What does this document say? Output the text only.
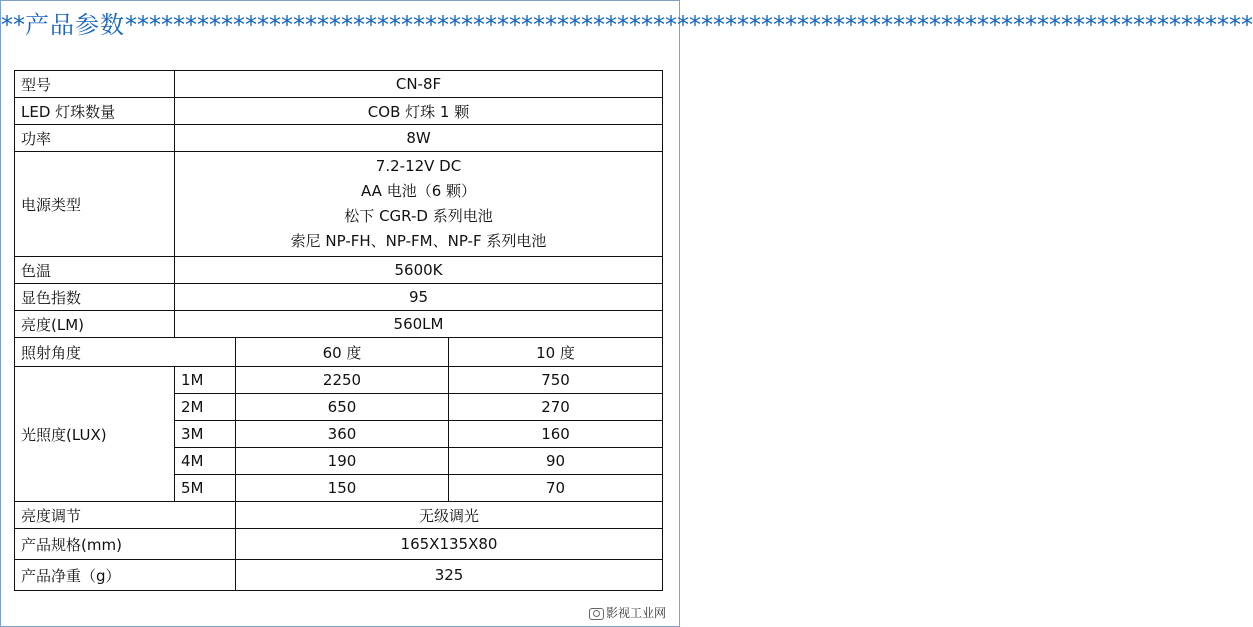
**产品参数**********************************************************************************************
型号	CN-8F		
LED 灯珠数量	COB 灯珠 1 颗		
功率	8W		
电源类型	7.2-12V DC
AA 电池（6 颗）
松下 CGR-D 系列电池
索尼 NP-FH、NP-FM、NP-F 系列电池		

色温	5600K		
显色指数	95		
亮度(LM)	560LM		
照射角度		60 度	10 度
光照度(LUX)	1M	2250	750
	2M	650	270
	3M	360	160
	4M	190	90
	5M	150	70
亮度调节		无级调光	
产品规格(mm)		165X135X80	
产品净重（g）		325	
影视工业网
